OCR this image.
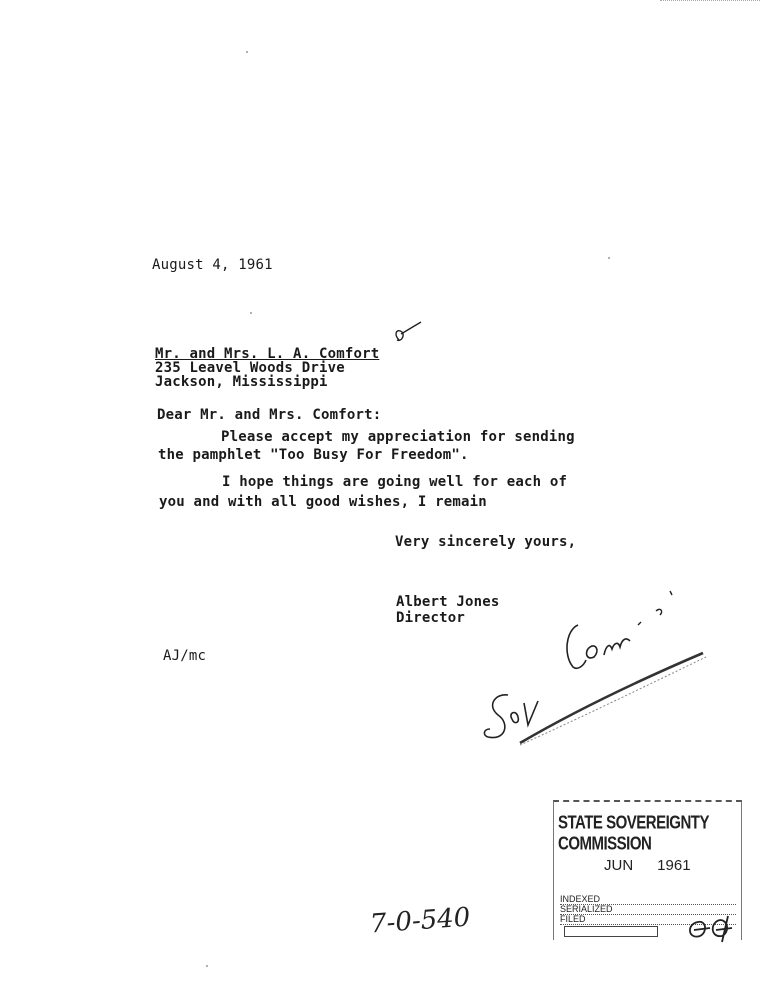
August 4, 1961
Mr. and Mrs. L. A. Comfort
235 Leavel Woods Drive
Jackson, Mississippi
Dear Mr. and Mrs. Comfort:
Please accept my appreciation for sending
the pamphlet "Too Busy For Freedom".
I hope things are going well for each of
you and with all good wishes, I remain
Very sincerely yours,
Albert Jones
Director
AJ/mc
7-0-540
STATE SOVEREIGNTY COMMISSION
JUN 1961
INDEXED
SERIALIZED
FILED
